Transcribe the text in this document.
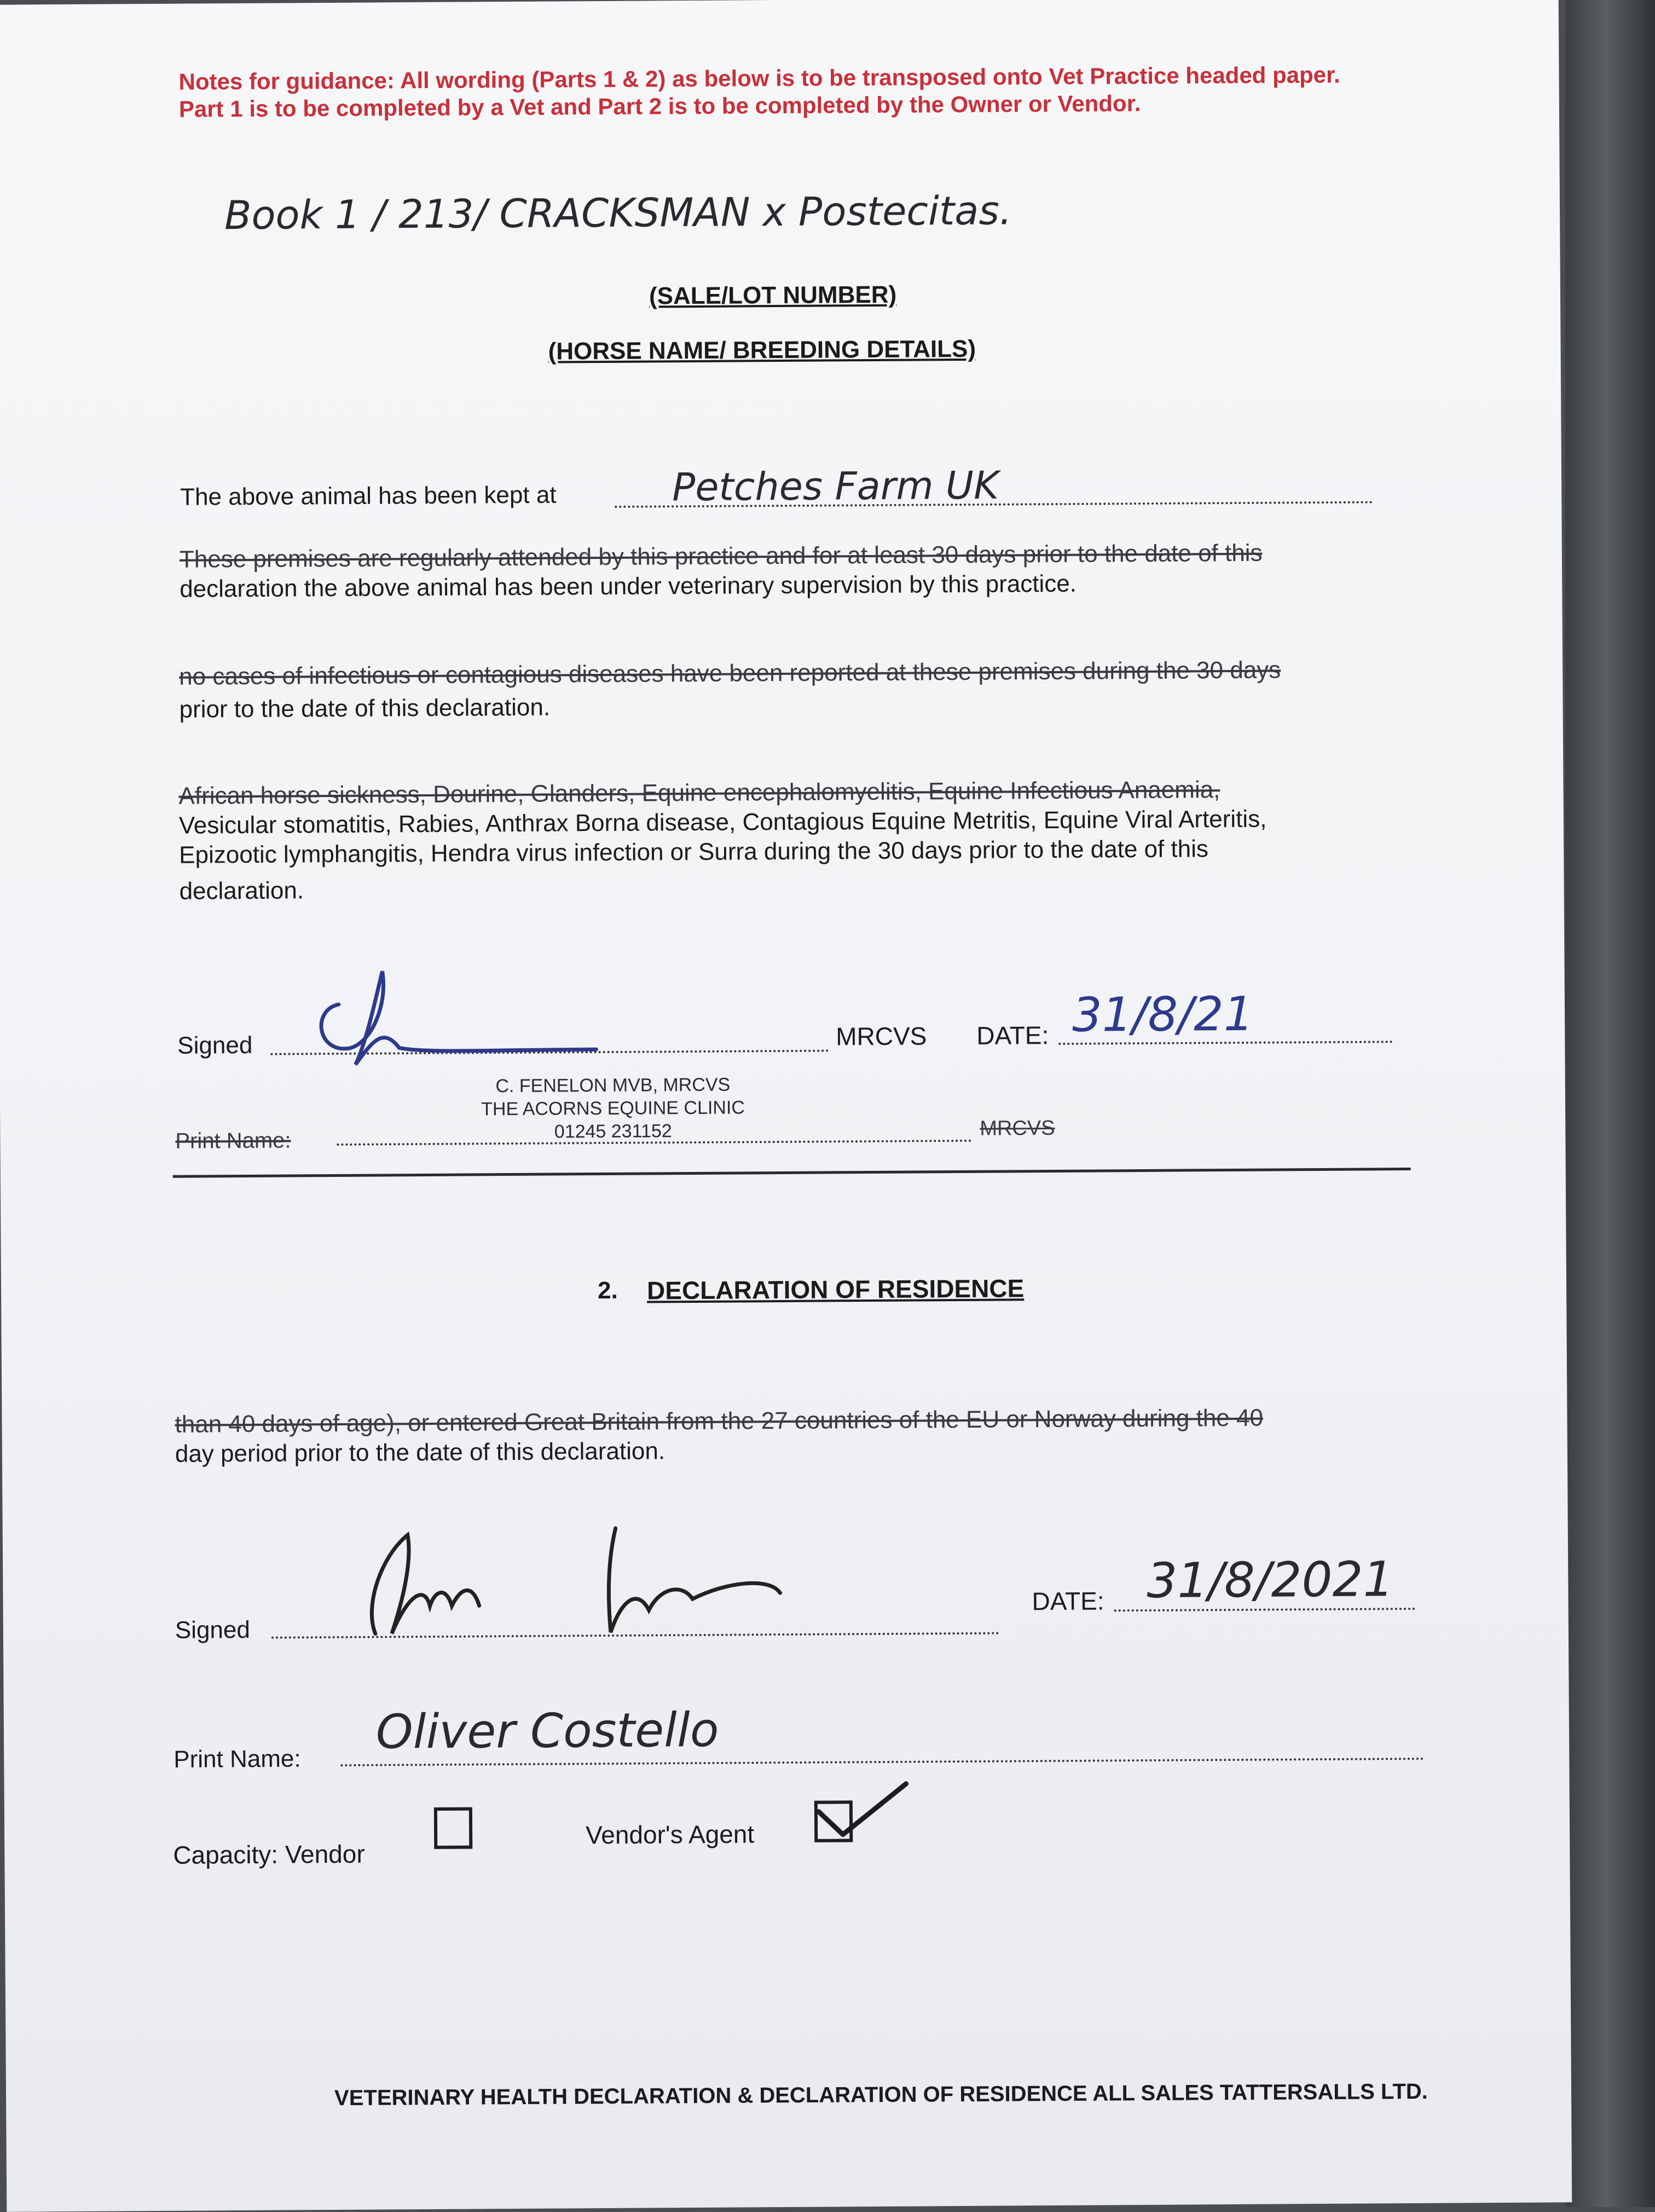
Notes for guidance: All wording (Parts 1 & 2) as below is to be transposed onto Vet Practice headed paper. Part 1 is to be completed by a Vet and Part 2 is to be completed by the Owner or Vendor.
Book 1 / 213/ CRACKSMAN x Postecitas.
(SALE/LOT NUMBER)
(HORSE NAME/ BREEDING DETAILS)
The above animal has been kept at	Petches Farm UK
These premises are regularly attended by this practice and for at least 30 days prior to the date of this
declaration the above animal has been under veterinary supervision by this practice.
no cases of infectious or contagious diseases have been reported at these premises during the 30 days
prior to the date of this declaration.
African horse sickness, Dourine, Glanders, Equine encephalomyelitis, Equine Infectious Anaemia,
Vesicular stomatitis, Rabies, Anthrax Borna disease, Contagious Equine Metritis, Equine Viral Arteritis,
Epizootic lymphangitis, Hendra virus infection or Surra during the 30 days prior to the date of this
declaration.
Signed	MRCVS DATE: 31/8/21
C. FENELON MVB, MRCVS
THE ACORNS EQUINE CLINIC
01245 231152
Print Name:
MRCVS
2. DECLARATION OF RESIDENCE
than 40 days of age), or entered Great Britain from the 27 countries of the EU or Norway during the 40
day period prior to the date of this declaration.
Signed
DATE: 31/8/2021
Print Name: Oliver Costello
Capacity: Vendor
Vendor's Agent
VETERINARY HEALTH DECLARATION & DECLARATION OF RESIDENCE ALL SALES TATTERSALLS LTD.
